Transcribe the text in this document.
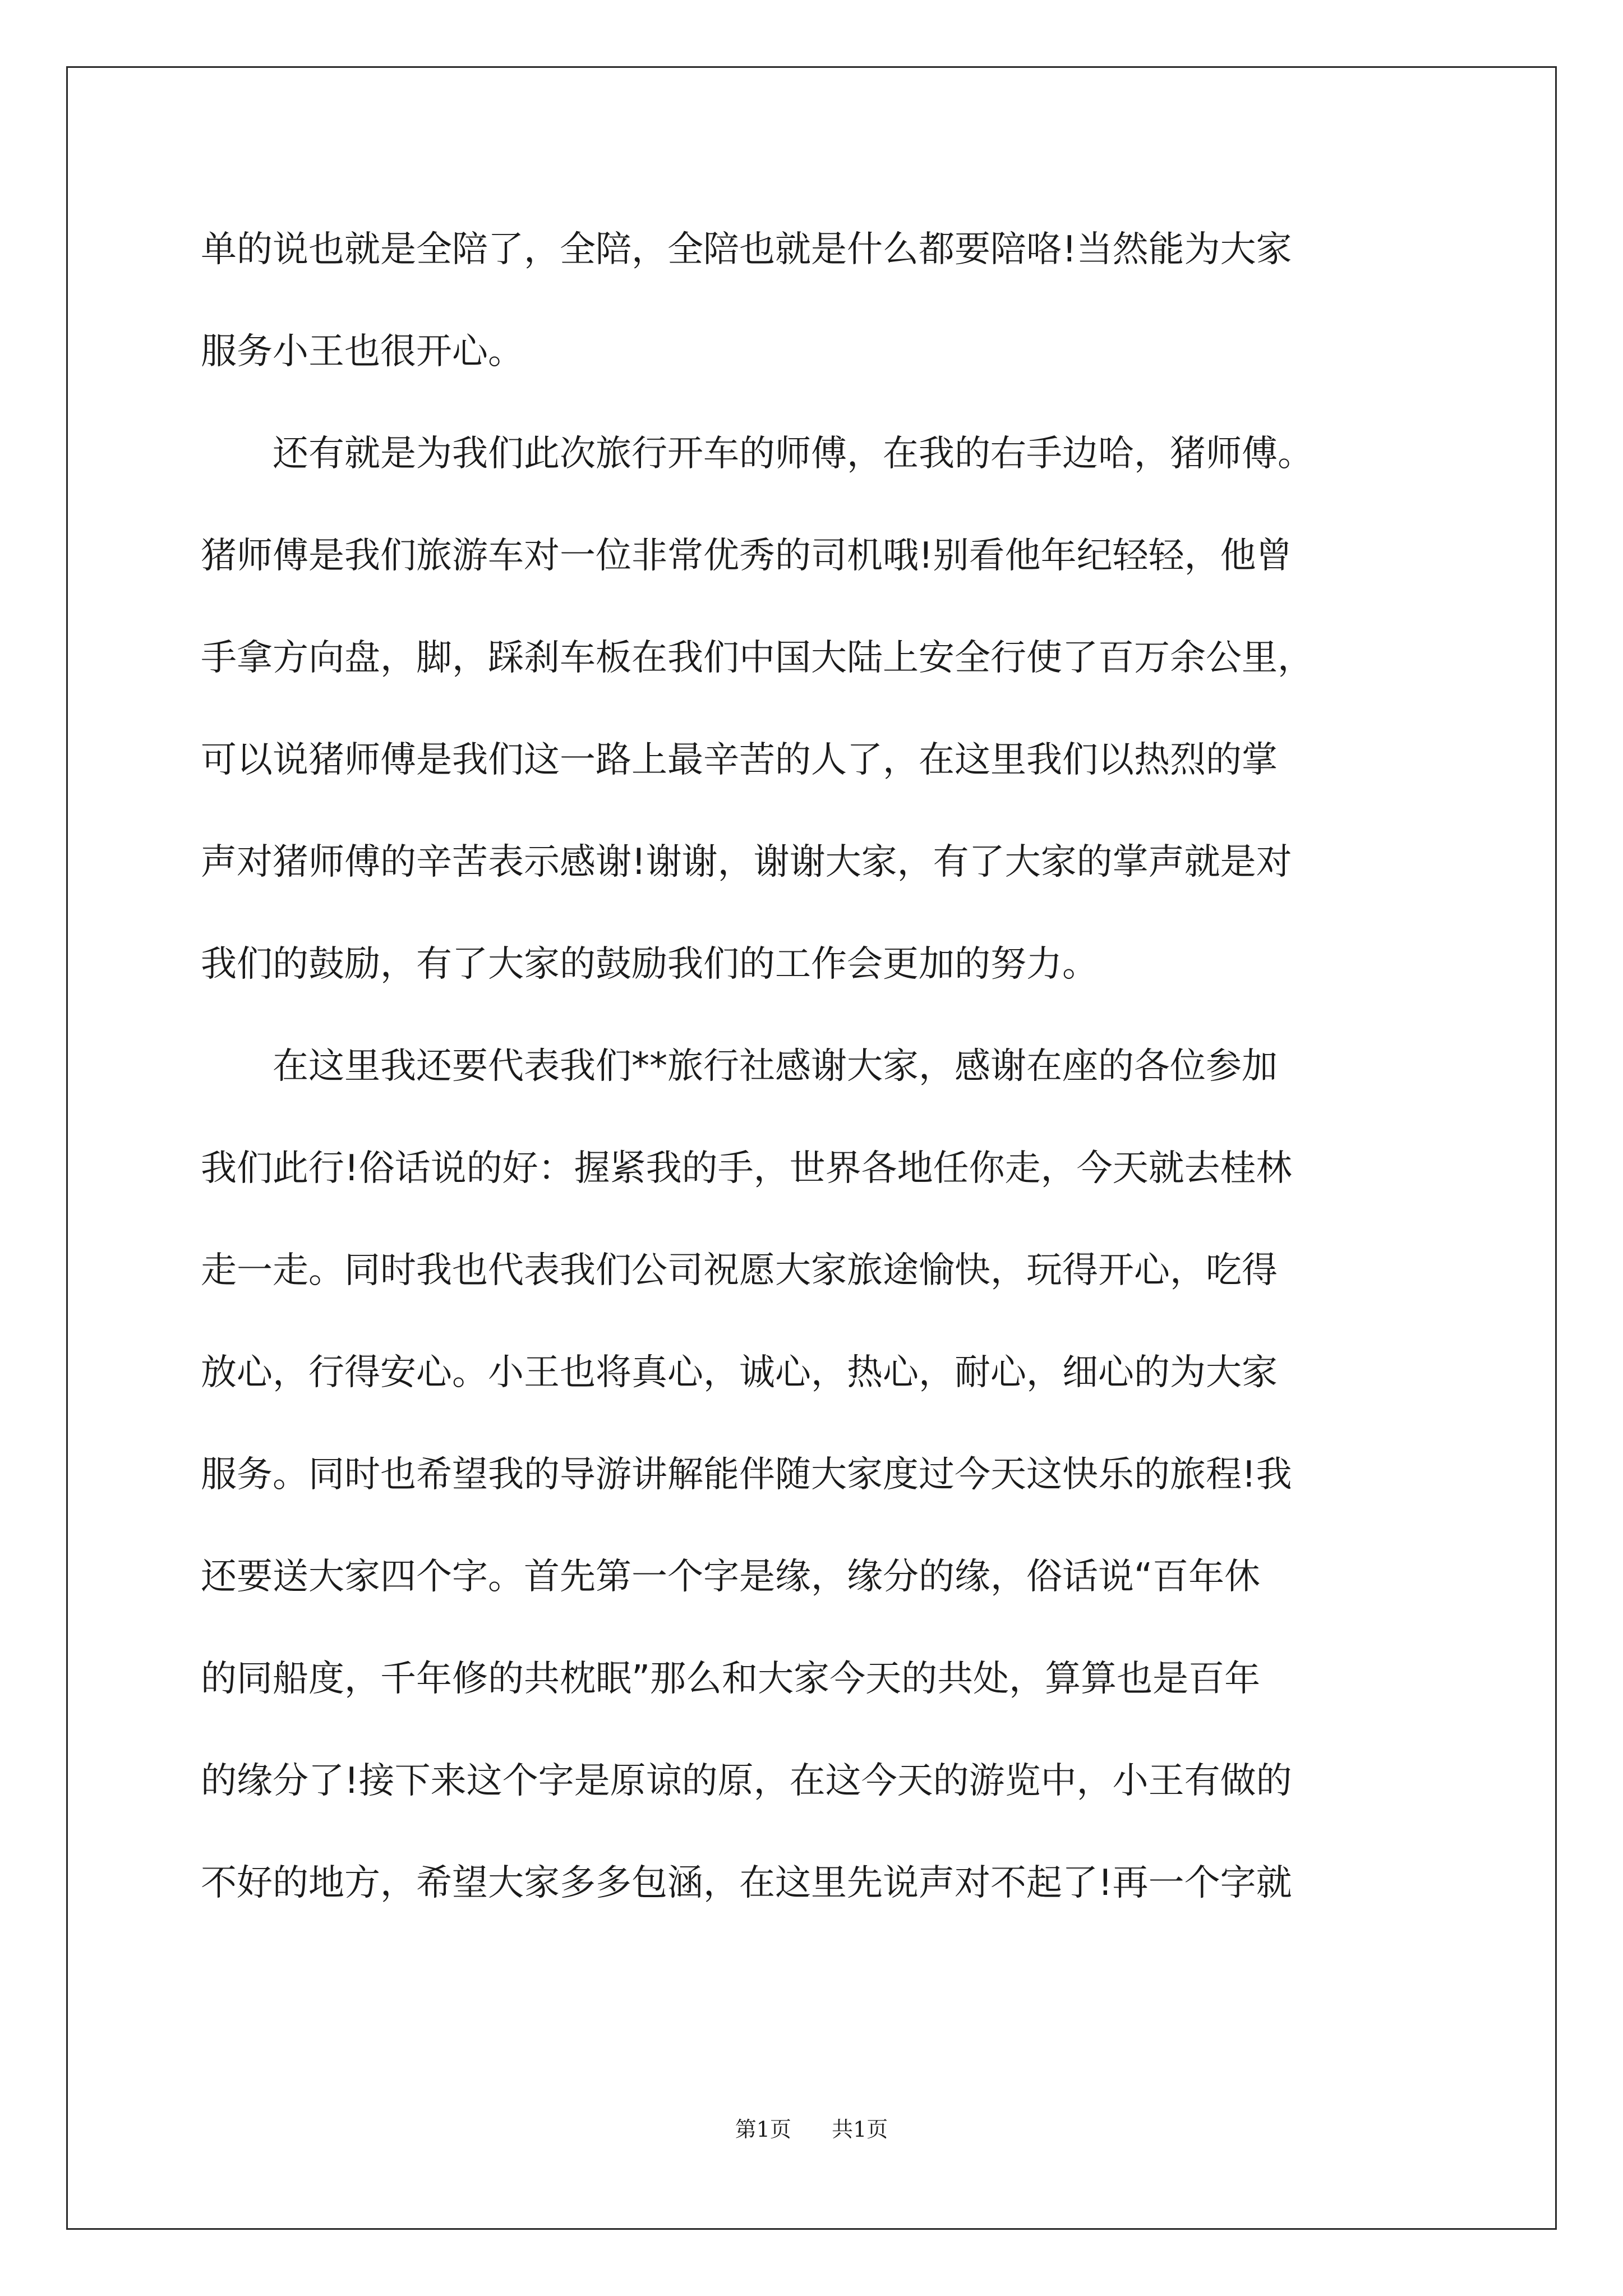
单的说也就是全陪了，全陪，全陪也就是什么都要陪咯!当然能为大家
服务小王也很开心。
　　还有就是为我们此次旅行开车的师傅，在我的右手边哈，猪师傅。
猪师傅是我们旅游车对一位非常优秀的司机哦!别看他年纪轻轻，他曾
手拿方向盘，脚，踩刹车板在我们中国大陆上安全行使了百万余公里，
可以说猪师傅是我们这一路上最辛苦的人了，在这里我们以热烈的掌
声对猪师傅的辛苦表示感谢!谢谢，谢谢大家，有了大家的掌声就是对
我们的鼓励，有了大家的鼓励我们的工作会更加的努力。
　　在这里我还要代表我们**旅行社感谢大家，感谢在座的各位参加
我们此行!俗话说的好：握紧我的手，世界各地任你走，今天就去桂林
走一走。同时我也代表我们公司祝愿大家旅途愉快，玩得开心，吃得
放心，行得安心。小王也将真心，诚心，热心，耐心，细心的为大家
服务。同时也希望我的导游讲解能伴随大家度过今天这快乐的旅程!我
还要送大家四个字。首先第一个字是缘，缘分的缘，俗话说“百年休
的同船度，千年修的共枕眠”那么和大家今天的共处，算算也是百年
的缘分了!接下来这个字是原谅的原，在这今天的游览中，小王有做的
不好的地方，希望大家多多包涵，在这里先说声对不起了!再一个字就
第1页 共1页
